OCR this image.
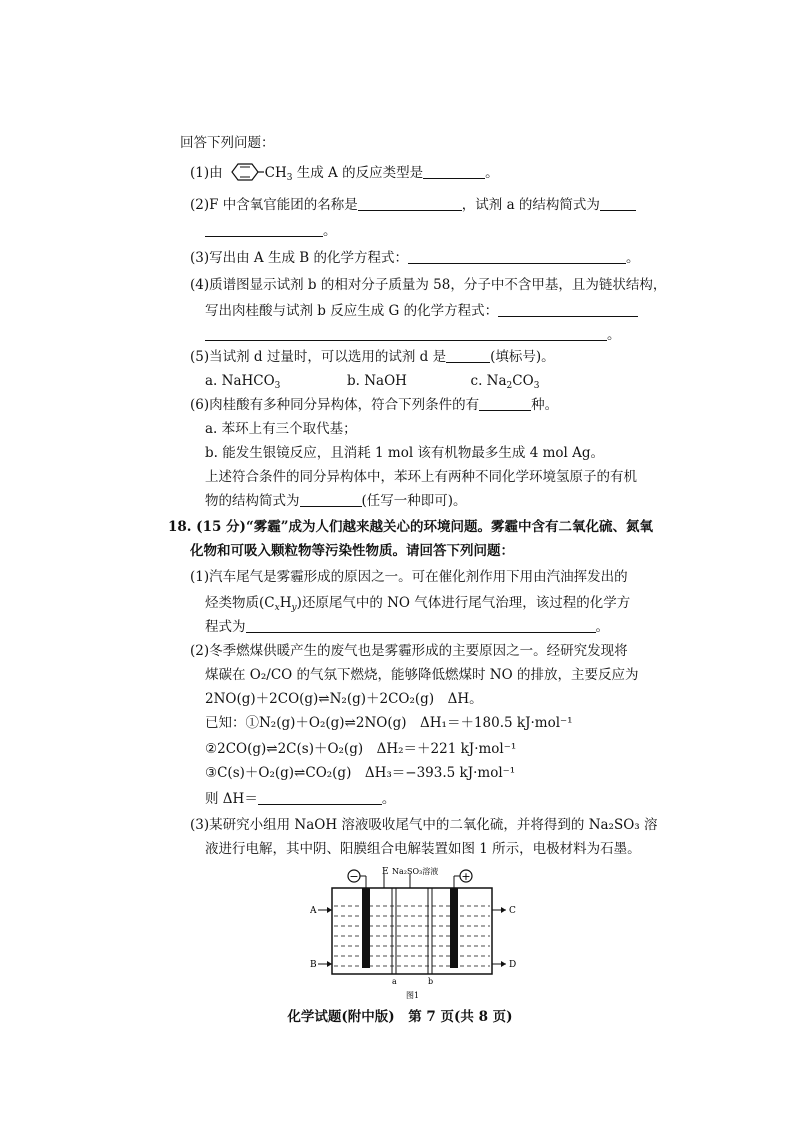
回答下列问题：
(1)由	$CH_3$ 生成 A 的反应类型是	。
(2)F 中含氧官能团的名称是	，试剂 a 的结构简式为
。
(3)写出由 A 生成 B 的化学方程式：	。
(4)质谱图显示试剂 b 的相对分子质量为 58，分子中不含甲基，且为链状结构，
写出肉桂酸与试剂 b 反应生成 G 的化学方程式：
。
(5)当试剂 d 过量时，可以选用的试剂 d 是	(填标号)。
a. NaHCO$_3$	b. NaOH	c. $Na_2CO_3$
(6)肉桂酸有多种同分异构体，符合下列条件的有	种。
a. 苯环上有三个取代基；
b. 能发生银镜反应，且消耗 1 mol 该有机物最多生成 4 mol Ag。
上述符合条件的同分异构体中，苯环上有两种不同化学环境氢原子的有机
物的结构简式为	(任写一种即可)。
18. (15 分)“雾霾”成为人们越来越关心的环境问题。雾霾中含有二氧化硫、氮氧
化物和可吸入颗粒物等污染性物质。请回答下列问题：
(1)汽车尾气是雾霾形成的原因之一。可在催化剂作用下用由汽油挥发出的
烃类物质$(C_xH_y)$还原尾气中的 NO 气体进行尾气治理，该过程的化学方
程式为	。
(2)冬季燃煤供暖产生的废气也是雾霾形成的主要原因之一。经研究发现将
煤碳在 O₂/CO 的气氛下燃烧，能够降低燃煤时 NO 的排放，主要反应为
2NO(g)＋2CO(g)⇌N₂(g)＋2CO₂(g)　ΔH。
已知：①N₂(g)＋O₂(g)⇌2NO(g)　ΔH₁＝＋180.5 kJ·mol⁻¹
②2CO(g)⇌2C(s)＋O₂(g)　ΔH₂＝＋221 kJ·mol⁻¹
③C(s)＋O₂(g)⇌CO₂(g)　ΔH₃＝−393.5 kJ·mol⁻¹
则 ΔH＝	。
(3)某研究小组用 NaOH 溶液吸收尾气中的二氧化硫，并将得到的 Na₂SO₃ 溶
液进行电解，其中阴、阳膜组合电解装置如图 1 所示，电极材料为石墨。
−	+
E Na₂SO₃溶液
A
B
C
D
a	b
图1
化学试题(附中版)　第 7 页(共 8 页)
